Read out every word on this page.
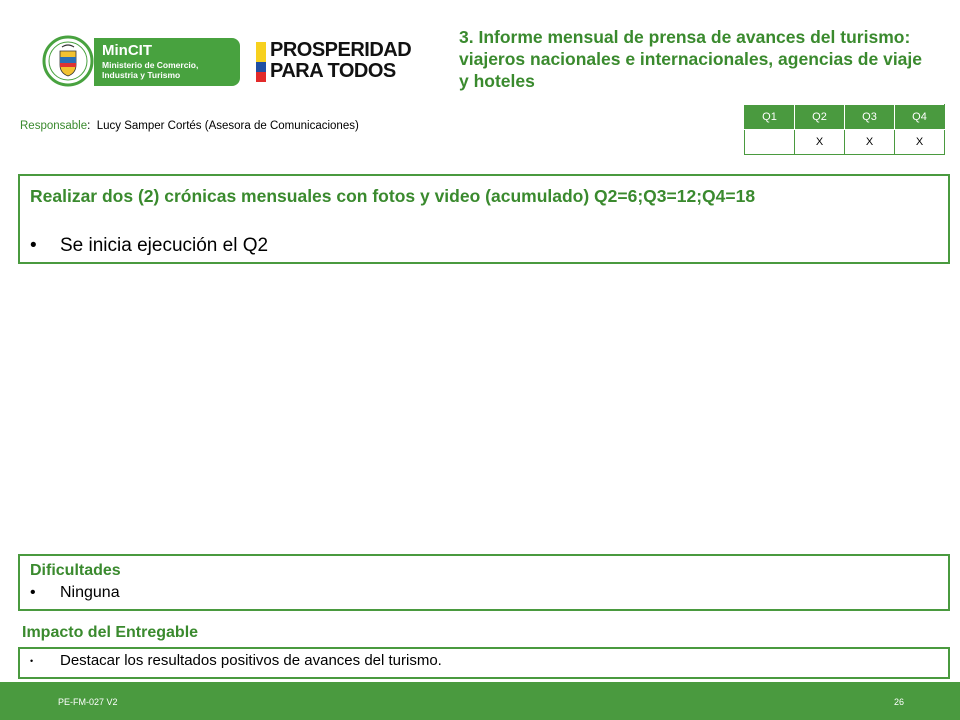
MinCIT
Ministerio de Comercio,
Industria y Turismo
PROSPERIDAD
PARA TODOS
3. Informe mensual de prensa de avances del turismo: viajeros nacionales e internacionales, agencias de viaje y hoteles
Responsable: Lucy Samper Cortés (Asesora de Comunicaciones)
Q1	Q2	Q3	Q4
	X	X	X
Realizar dos (2) crónicas mensuales con fotos y video (acumulado) Q2=6;Q3=12;Q4=18
• Se inicia ejecución el Q2
Dificultades
• Ninguna
Impacto del Entregable
• Destacar los resultados positivos de avances del turismo.
PE-FM-027 V2	26
